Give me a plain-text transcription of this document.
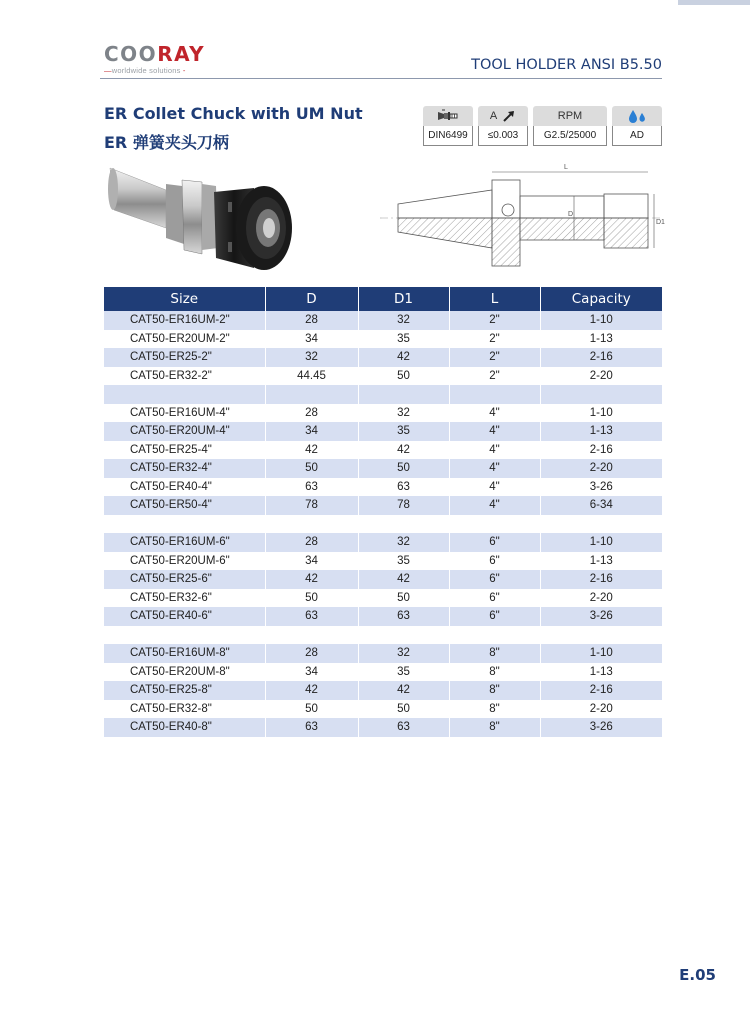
COORAY
—worldwide solutions -	TOOL HOLDER ANSI B5.50
ER Collet Chuck with UM Nut
ER 弹簧夹头刀柄	DIN6499
A
≤0.003
RPM
G2.5/25000	AD
L
D
D1
Size	D	D1	L	Capacity
CAT50-ER16UM-2"	28	32	2"	1-10
CAT50-ER20UM-2"	34	35	2"	1-13
CAT50-ER25-2"	32	42	2"	2-16
CAT50-ER32-2"	44.45	50	2"	2-20

CAT50-ER16UM-4"	28	32	4"	1-10
CAT50-ER20UM-4"	34	35	4"	1-13
CAT50-ER25-4"	42	42	4"	2-16
CAT50-ER32-4"	50	50	4"	2-20
CAT50-ER40-4"	63	63	4"	3-26
CAT50-ER50-4"	78	78	4"	6-34

CAT50-ER16UM-6"	28	32	6"	1-10
CAT50-ER20UM-6"	34	35	6"	1-13
CAT50-ER25-6"	42	42	6"	2-16
CAT50-ER32-6"	50	50	6"	2-20
CAT50-ER40-6"	63	63	6"	3-26

CAT50-ER16UM-8"	28	32	8"	1-10
CAT50-ER20UM-8"	34	35	8"	1-13
CAT50-ER25-8"	42	42	8"	2-16
CAT50-ER32-8"	50	50	8"	2-20
CAT50-ER40-8"	63	63	8"	3-26
E.05
